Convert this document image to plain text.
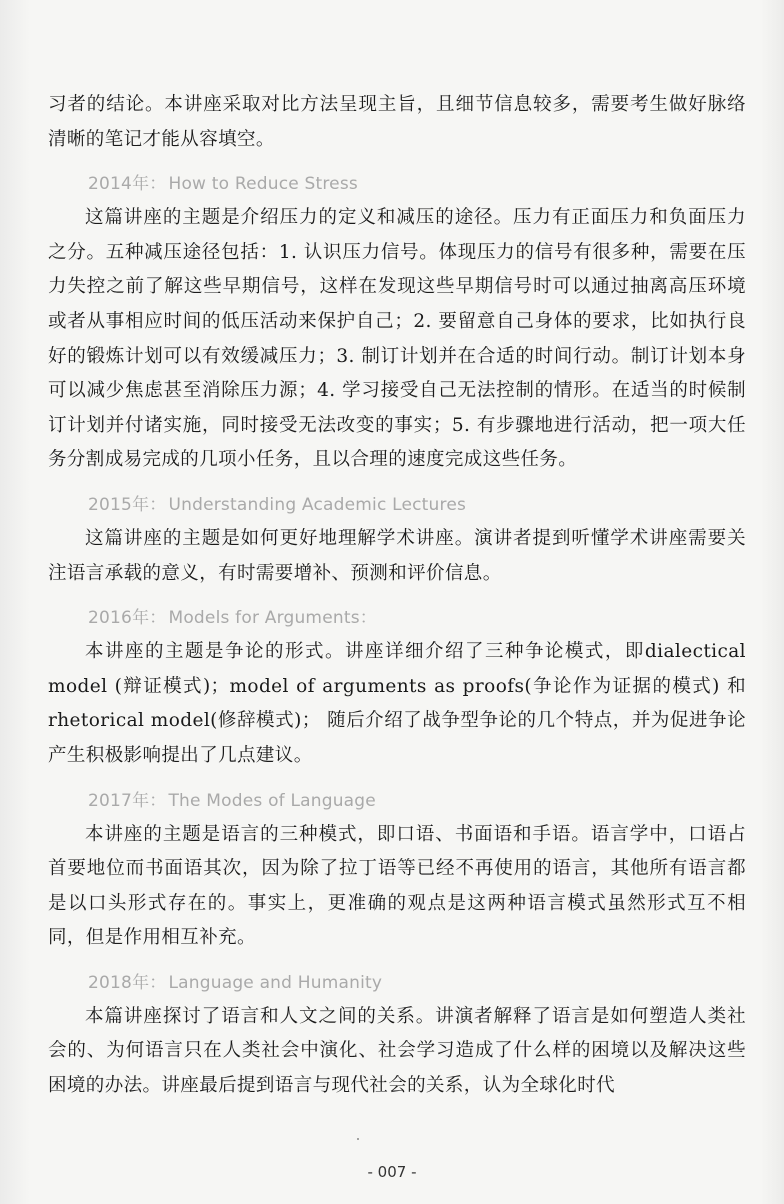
习者的结论。本讲座采取对比方法呈现主旨，且细节信息较多，需要考生做好脉络清晰的笔记才能从容填空。

2014年： How to Reduce Stress

这篇讲座的主题是介绍压力的定义和减压的途径。压力有正面压力和负面压力之分。五种减压途径包括：1. 认识压力信号。体现压力的信号有很多种，需要在压力失控之前了解这些早期信号，这样在发现这些早期信号时可以通过抽离高压环境或者从事相应时间的低压活动来保护自己；2. 要留意自己身体的要求，比如执行良好的锻炼计划可以有效缓减压力；3. 制订计划并在合适的时间行动。制订计划本身可以减少焦虑甚至消除压力源；4. 学习接受自己无法控制的情形。在适当的时候制订计划并付诸实施，同时接受无法改变的事实；5. 有步骤地进行活动，把一项大任务分割成易完成的几项小任务，且以合理的速度完成这些任务。

2015年： Understanding Academic Lectures

这篇讲座的主题是如何更好地理解学术讲座。演讲者提到听懂学术讲座需要关注语言承载的意义，有时需要增补、预测和评价信息。

2016年： Models for Arguments：

本讲座的主题是争论的形式。讲座详细介绍了三种争论模式，即dialectical model (辩证模式)；model of arguments as proofs(争论作为证据的模式) 和 rhetorical model(修辞模式)； 随后介绍了战争型争论的几个特点，并为促进争论产生积极影响提出了几点建议。

2017年： The Modes of Language

本讲座的主题是语言的三种模式，即口语、书面语和手语。语言学中，口语占首要地位而书面语其次，因为除了拉丁语等已经不再使用的语言，其他所有语言都是以口头形式存在的。事实上，更准确的观点是这两种语言模式虽然形式互不相同，但是作用相互补充。

2018年： Language and Humanity

本篇讲座探讨了语言和人文之间的关系。讲演者解释了语言是如何塑造人类社会的、为何语言只在人类社会中演化、社会学习造成了什么样的困境以及解决这些困境的办法。讲座最后提到语言与现代社会的关系，认为全球化时代

- 007 -
